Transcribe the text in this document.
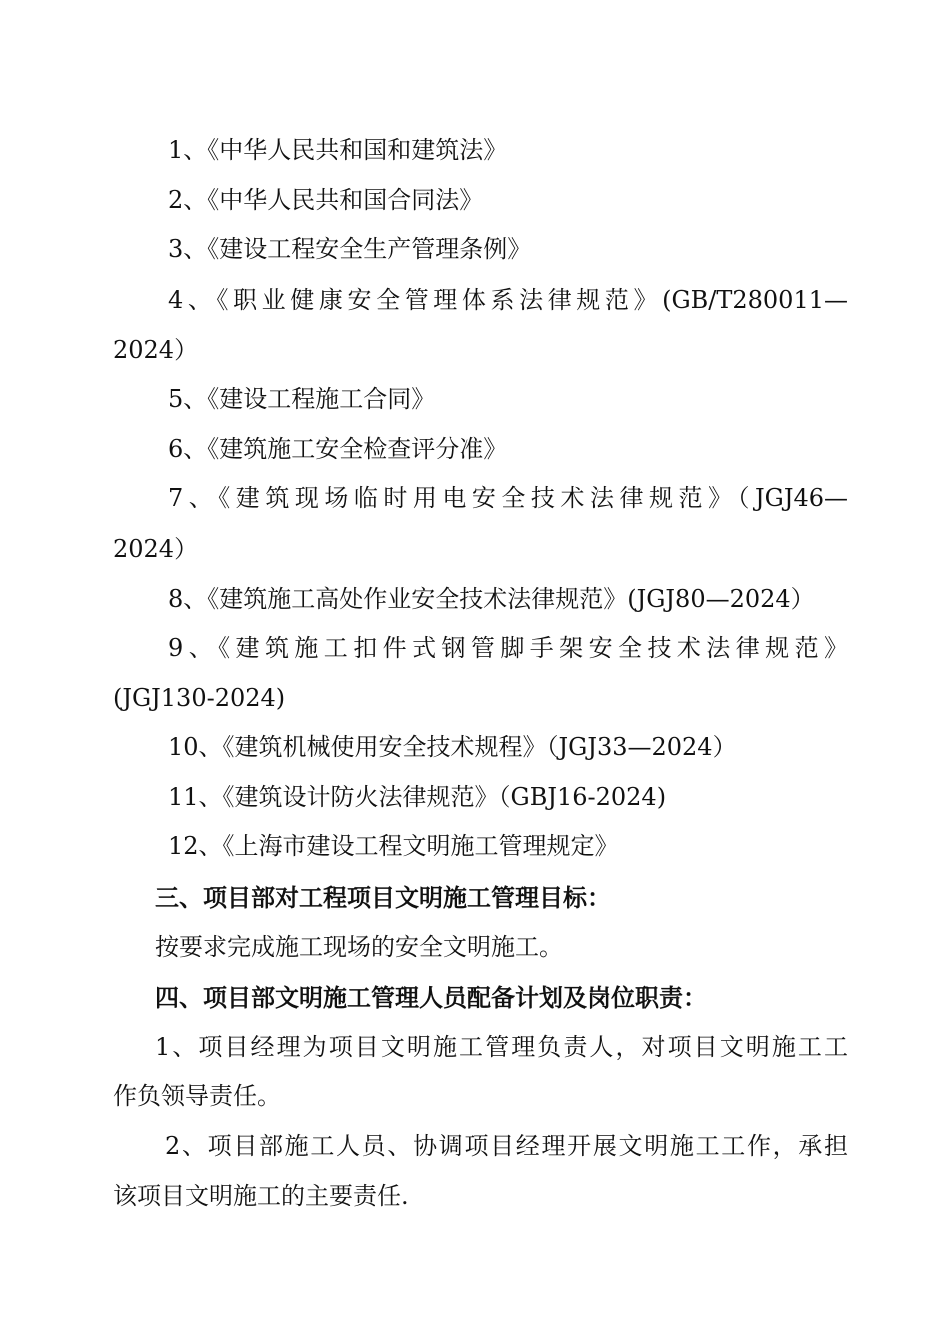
1、《中华人民共和国和建筑法》
2、《中华人民共和国合同法》
3、《建设工程安全生产管理条例》
4、《职业健康安全管理体系法律规范》(GB/T280011—
2024）
5、《建设工程施工合同》
6、《建筑施工安全检查评分准》
7、《建筑现场临时用电安全技术法律规范》（JGJ46—
2024）
8、《建筑施工高处作业安全技术法律规范》(JGJ80—2024）
9、《建筑施工扣件式钢管脚手架安全技术法律规范》
(JGJ130-2024)
10、《建筑机械使用安全技术规程》（JGJ33—2024）
11、《建筑设计防火法律规范》（GBJ16-2024)
12、《上海市建设工程文明施工管理规定》
三、项目部对工程项目文明施工管理目标：
按要求完成施工现场的安全文明施工。
四、项目部文明施工管理人员配备计划及岗位职责：
1、项目经理为项目文明施工管理负责人，对项目文明施工工
作负领导责任。
2、项目部施工人员、协调项目经理开展文明施工工作，承担
该项目文明施工的主要责任.
